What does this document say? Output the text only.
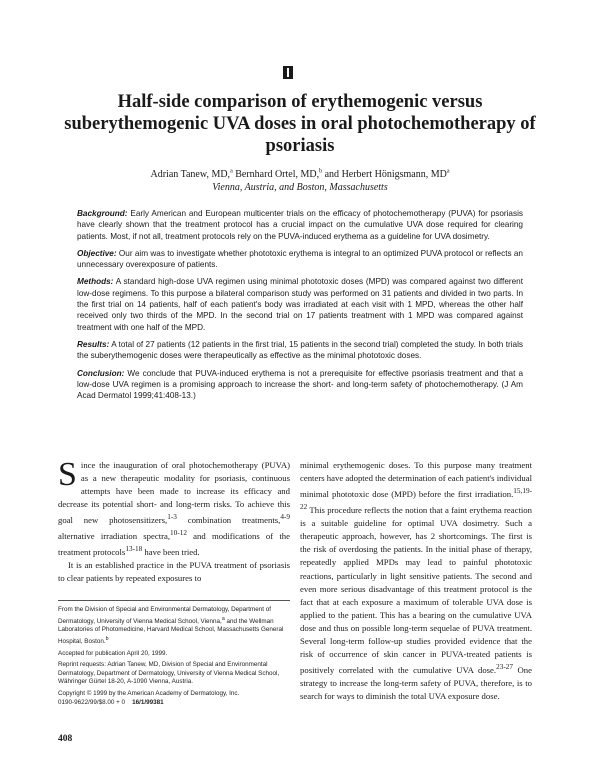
Half-side comparison of erythemogenic versus suberythemogenic UVA doses in oral photochemotherapy of psoriasis

Adrian Tanew, MD,$^a$ Bernhard Ortel, MD,$^b$ and Herbert Hönigsmann, $MD^a$

Vienna, Austria, and Boston, Massachusetts

Background: Early American and European multicenter trials on the efficacy of photochemotherapy (PUVA) for psoriasis have clearly shown that the treatment protocol has a crucial impact on the cumulative UVA dose required for clearing patients. Most, if not all, treatment protocols rely on the PUVA-induced erythema as a guideline for UVA dosimetry.

Objective: Our aim was to investigate whether phototoxic erythema is integral to an optimized PUVA protocol or reflects an unnecessary overexposure of patients.

Methods: A standard high-dose UVA regimen using minimal phototoxic doses (MPD) was compared against two different low-dose regimens. To this purpose a bilateral comparison study was performed on 31 patients and divided in two parts. In the first trial on 14 patients, half of each patient's body was irradiated at each visit with 1 MPD, whereas the other half received only two thirds of the MPD. In the second trial on 17 patients treatment with 1 MPD was compared against treatment with one half of the MPD.

Results: A total of 27 patients (12 patients in the first trial, 15 patients in the second trial) completed the study. In both trials the suberythemogenic doses were therapeutically as effective as the minimal phototoxic doses.

Conclusion: We conclude that PUVA-induced erythema is not a prerequisite for effective psoriasis treatment and that a low-dose UVA regimen is a promising approach to increase the short- and long-term safety of photochemotherapy. (J Am Acad Dermatol 1999;41:408-13.)

Since the inauguration of oral photochemotherapy (PUVA) as a new therapeutic modality for psoriasis, continuous attempts have been made to increase its efficacy and decrease its potential short- and long-term risks. To achieve this goal new photosensitizers,$^{1-3}$ combination treatments,$^{4-9}$ alternative irradiation spectra,$^{10-12}$ and modifications of the treatment protocols$^{13-18}$ have been tried.

It is an established practice in the PUVA treatment of psoriasis to clear patients by repeated exposures to

From the Division of Special and Environmental Dermatology, Department of Dermatology, University of Vienna Medical School, Vienna,$^a$ and the Wellman Laboratories of Photomedicine, Harvard Medical School, Massachusetts General Hospital, Boston.$^b$

Accepted for publication April 20, 1999.

Reprint requests: Adrian Tanew, MD, Division of Special and Environmental Dermatology, Department of Dermatology, University of Vienna Medical School, Währinger Gürtel 18-20, A-1090 Vienna, Austria.

Copyright © 1999 by the American Academy of Dermatology, Inc.
0190-9622/99/$8.00 + 0 16/1/99381

minimal erythemogenic doses. To this purpose many treatment centers have adopted the determination of each patient's individual minimal phototoxic dose (MPD) before the first irradiation.$^{15,19-22}$ This procedure reflects the notion that a faint erythema reaction is a suitable guideline for optimal UVA dosimetry. Such a therapeutic approach, however, has 2 shortcomings. The first is the risk of overdosing the patients. In the initial phase of therapy, repeatedly applied MPDs may lead to painful phototoxic reactions, particularly in light sensitive patients. The second and even more serious disadvantage of this treatment protocol is the fact that at each exposure a maximum of tolerable UVA dose is applied to the patient. This has a bearing on the cumulative UVA dose and thus on possible long-term sequelae of PUVA treatment. Several long-term follow-up studies provided evidence that the risk of occurrence of skin cancer in PUVA-treated patients is positively correlated with the cumulative UVA dose.$^{23-27}$ One strategy to increase the long-term safety of PUVA, therefore, is to search for ways to diminish the total UVA exposure dose.

408
